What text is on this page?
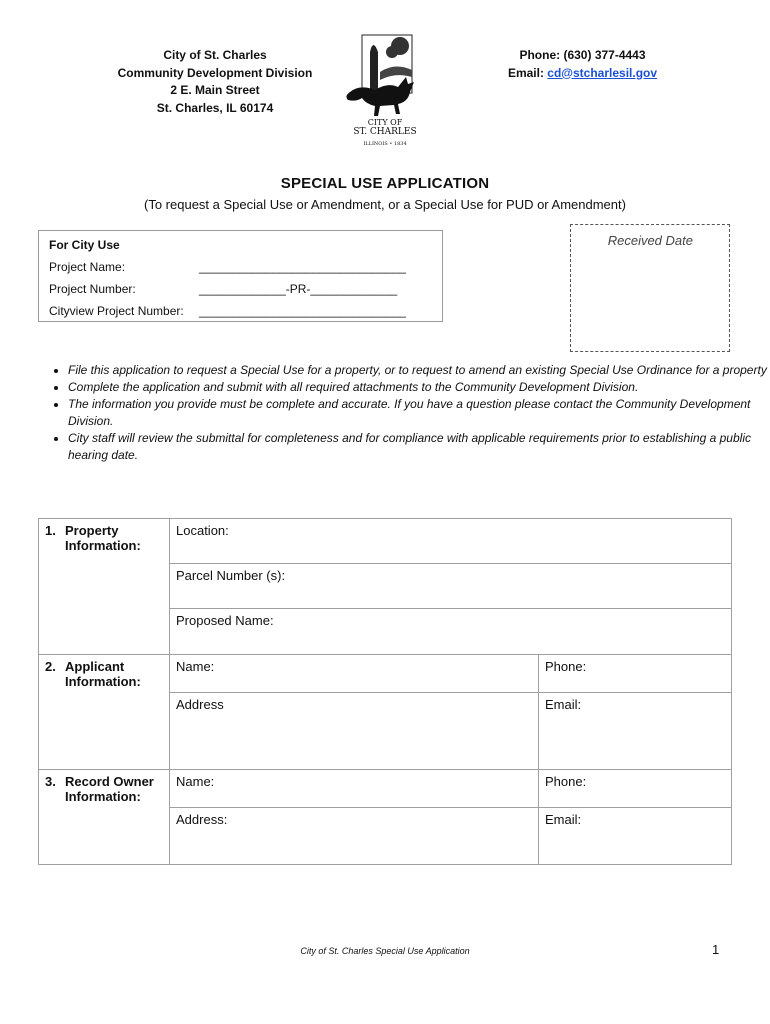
City of St. Charles
Community Development Division
2 E. Main Street
St. Charles, IL 60174
CITY OF
ST. CHARLES
ILLINOIS • 1834
Phone: (630) 377-4443
Email: cd@stcharlesil.gov
SPECIAL USE APPLICATION
(To request a Special Use or Amendment, or a Special Use for PUD or Amendment)
For City Use
Project Name:	_______________________________
Project Number:	_____________-PR-_____________
Cityview Project Number: _______________________________
Received Date
• File this application to request a Special Use for a property, or to request to amend an existing Special Use Ordinance for a property
• Complete the application and submit with all required attachments to the Community Development Division.
• The information you provide must be complete and accurate. If you have a question please contact the Community Development Division.
• City staff will review the submittal for completeness and for compliance with applicable requirements prior to establishing a public hearing date.
1. Property Information:	Location:	
	Parcel Number (s):	
	Proposed Name:	
2. Applicant Information:	Name:	Phone:
	Address	Email:
3. Record Owner Information:	Name:	Phone:
	Address:	Email:
City of St. Charles Special Use Application	1
